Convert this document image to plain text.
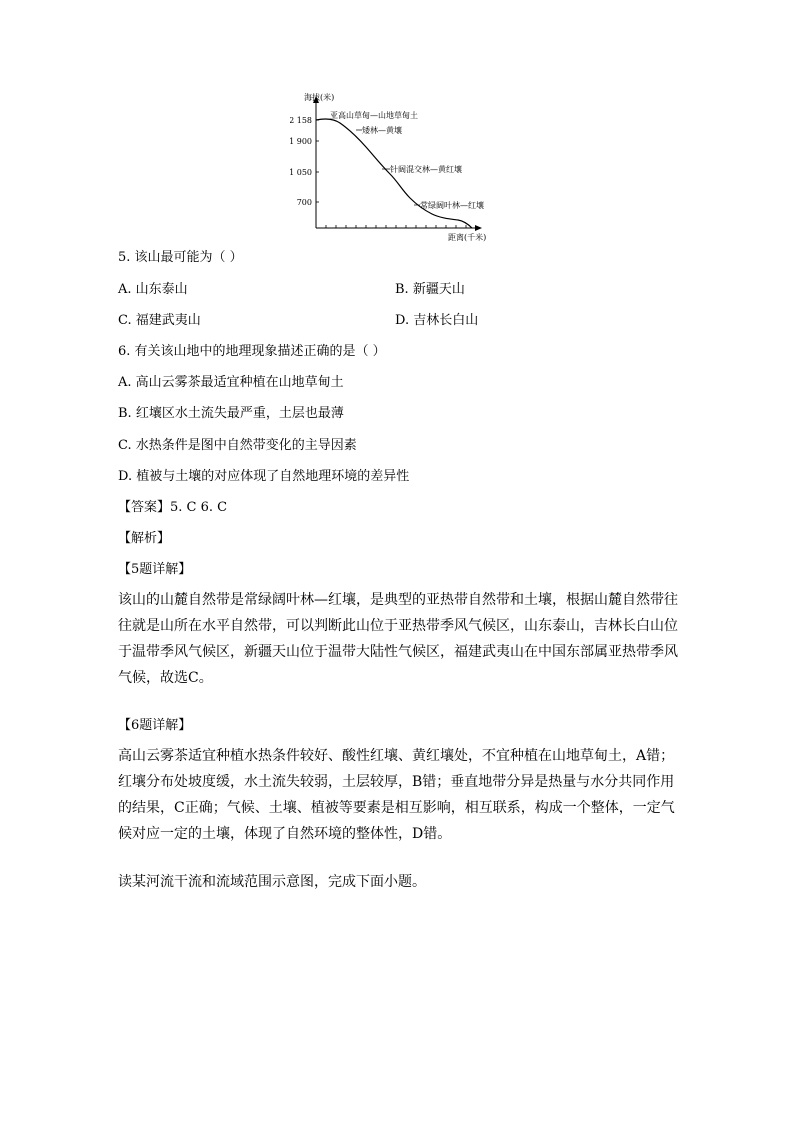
2 158
1 900
1 050
700
海拔(米)
距离(千米)
亚高山草甸—山地草甸土
矮林—黄壤
针阔混交林—黄红壤
常绿阔叶林—红壤
5. 该山最可能为（ ）
A. 山东泰山	B. 新疆天山
C. 福建武夷山	D. 吉林长白山
6. 有关该山地中的地理现象描述正确的是（ ）
A. 高山云雾茶最适宜种植在山地草甸土
B. 红壤区水土流失最严重，土层也最薄
C. 水热条件是图中自然带变化的主导因素
D. 植被与土壤的对应体现了自然地理环境的差异性
【答案】5. C 6. C
【解析】
【5题详解】
该山的山麓自然带是常绿阔叶林—红壤，是典型的亚热带自然带和土壤，根据山麓自然带往
往就是山所在水平自然带，可以判断此山位于亚热带季风气候区，山东泰山，吉林长白山位
于温带季风气候区，新疆天山位于温带大陆性气候区，福建武夷山在中国东部属亚热带季风
气候，故选C。
【6题详解】
高山云雾茶适宜种植水热条件较好、酸性红壤、黄红壤处，不宜种植在山地草甸土，A错；
红壤分布处坡度缓，水土流失较弱，土层较厚，B错；垂直地带分异是热量与水分共同作用
的结果，C正确；气候、土壤、植被等要素是相互影响，相互联系，构成一个整体，一定气
候对应一定的土壤，体现了自然环境的整体性，D错。
读某河流干流和流域范围示意图，完成下面小题。
